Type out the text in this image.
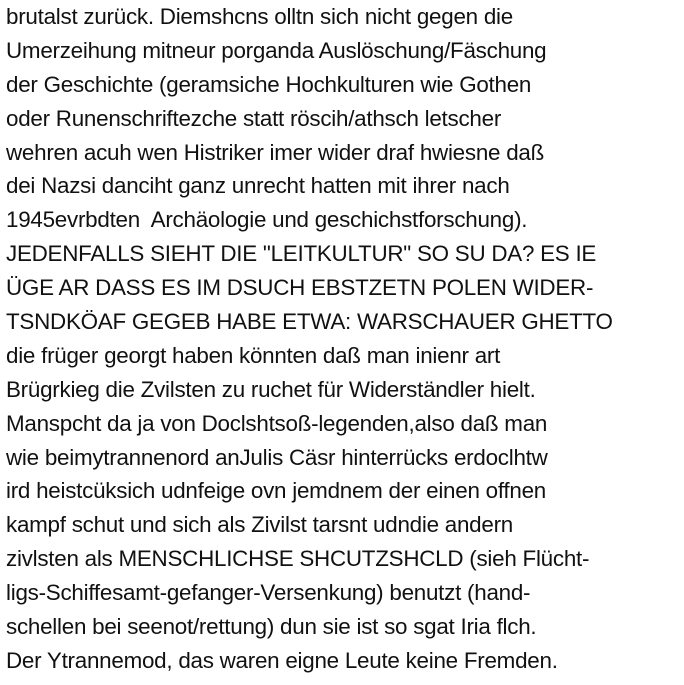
brutalst zurück. Diemshcns olltn sich nicht gegen die
Umerzeihung mitneur porganda Auslöschung/Fäschung
der Geschichte (geramsiche Hochkulturen wie Gothen
oder Runenschriftezche statt röscih/athsch letscher
wehren acuh wen Histriker imer wider draf hwiesne daß
dei Nazsi danciht ganz unrecht hatten mit ihrer nach
1945evrbdten  Archäologie und geschichstforschung).
JEDENFALLS SIEHT DIE "LEITKULTUR" SO SU DA? ES IE
ÜGE AR DASS ES IM DSUCH EBSTZETN POLEN WIDER-
TSNDKÖAF GEGEB HABE ETWA: WARSCHAUER GHETTO
die früger georgt haben könnten daß man inienr art
Brügrkieg die Zvilsten zu ruchet für Widerständler hielt.
Manspcht da ja von Doclshtsoß-legenden,also daß man
wie beimytrannenord anJulis Cäsr hinterrücks erdoclhtw
ird heistcüksich udnfeige ovn jemdnem der einen offnen
kampf schut und sich als Zivilst tarsnt udndie andern
zivlsten als MENSCHLICHSE SHCUTZSHCLD (sieh Flücht-
ligs-Schiffesamt-gefanger-Versenkung) benutzt (hand-
schellen bei seenot/rettung) dun sie ist so sgat Iria flch.
Der Ytrannemod, das waren eigne Leute keine Fremden.
